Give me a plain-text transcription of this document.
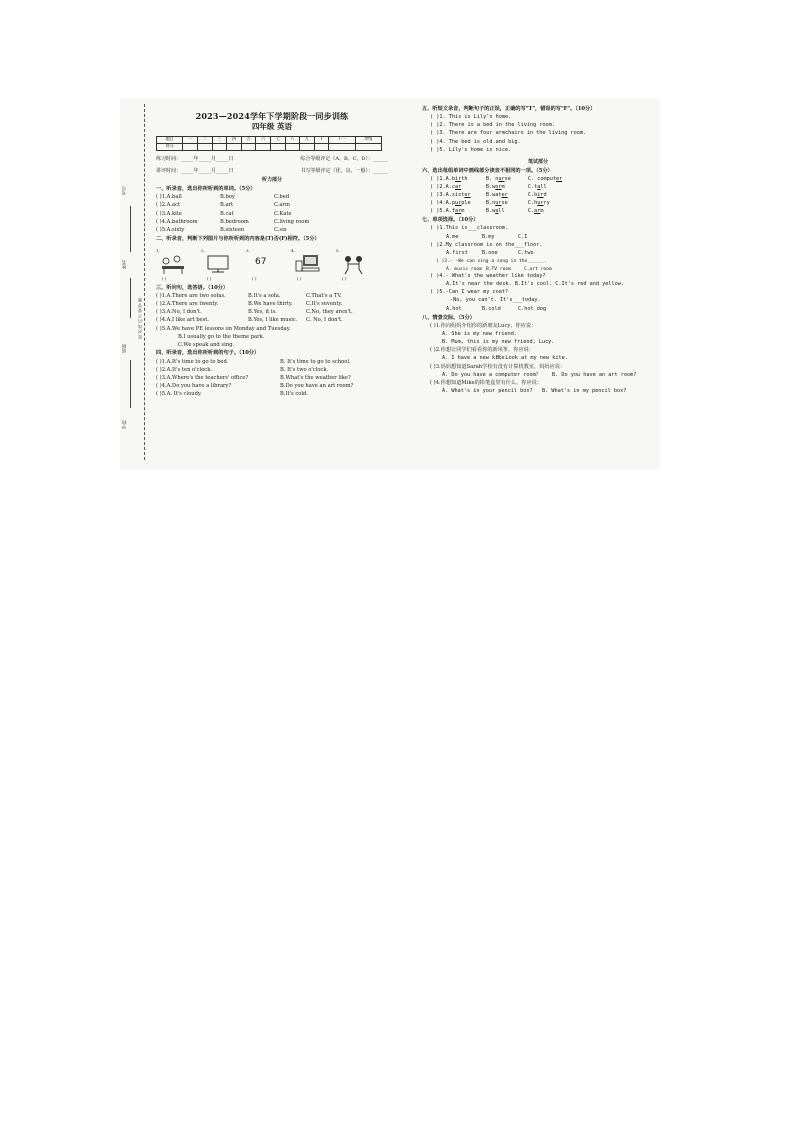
考号
姓名
班级
学校
密 封 线 内 不 要 答 题
2023—2024学年下学期阶段一同步训练
四年级 英语
题目	一	二	三	四	五	六	七	八	九	十	十一	等级
得分												
练习时间：_____年_____月_____日	综合等级评定（A、B、C、D）：______
讲评时间：_____年_____月_____日	书写等级评定（优、良、一般）：______
听力部分
一、听录音，选出你所听到的单词。（5分）
( )1.A.ball	B.boy	C.bed
( )2.A.act	B.art	C.arm
( )3.A.kite	B.cat	C.Kate
( )4.A.bathroom	B.bedroom	C.living room
( )5.A.sixty	B.sixteen	C.six
二、听录音，判断下列图片与你所听到的内容是(T)否(F)相符。（5分）
1.
( )
2.
( )
3.
67
( )
4.
( )
5.
( )
三、听问句，选答语。（10分）
( )1.A.There are two sofas.	B.It's a sofa.	C.That's a TV.
( )2.A.There are twenty.	B.We have thirty.	C.It's seventy.
( )3.A.No, I don't.	B.Yes, it is.	C.No, they aren't.
( )4.A.I like art best.	B.Yes, I like music.	C. No, I don't.
( )5.A.We have PE lessons on Monday and Tuesday.
B.I usually go to the theme park.
C.We speak and sing.
四、听录音，选出你所听到的句子。（10分）
( )1.A.It's time to go to bed.	B. It's time to go to school.
( )2.A.It's ten o'clock.	B. It's two o'clock.
( )3.A.Where's the teachers' office?	B.What's the weather like?
( )4.A.Do you have a library?	B.Do you have an art room?
( )5.A. It's cloudy.	B.It's cold.
五、听短文录音，判断句子的正误，正确的写"T"，错误的写"F"。（10分）
( )1. This is Lily's home.
( )2. There is a bed in the living room.
( )3. There are four armchairs in the living room.
( )4. The bed is old and big.
( )5. Lily's home is nice.
笔试部分
六、选出每组单词中画线部分读音不相同的一项。（5分）
( )1.A. birth	B. nurse	C. computer
( )2.A. car	B.worm	C.tall
( )3.A. sister	B.water	C.bird
( )4.A. purple	B.nurse	C.hurry
( )5.A. farm	B.wall	C.arm
七、单项选择。（10分）
( )1.This is___classroom.
A.me	B.my	C.I
( )2.My classroom is on the___floor.
A.first	B.one	C.two
( )3.- -We can sing a song in the______.
A. music room B.TV room	C.art room
( )4.- What's the weather like today?
A.It's near the desk. B.It's cool. C.It's red and yellow.
( )5.-Can I wear my coat?
-No, you can't. It's___today.
A.hot	B.cold	C.hot dog
八、情景交际。（5分）
( )1.你向妈妈介绍你的新朋友Lucy，你应说：
A. She is my new friend.
B. Mum, this is my new friend, Lucy.
( )2.你想让同学们看看你的新风筝，你应说：
A. I have a new kite.
B. Look at my new kite.
( )3.妈妈想知道Sarah学校有没有计算机教室，妈妈应说：
A. Do you have a computer room？	B. Do you have an art room?
( )4.你想知道Mike的铅笔盒里有什么，你应说：
A. What's in your pencil box?	B. What's in my pencil box?
